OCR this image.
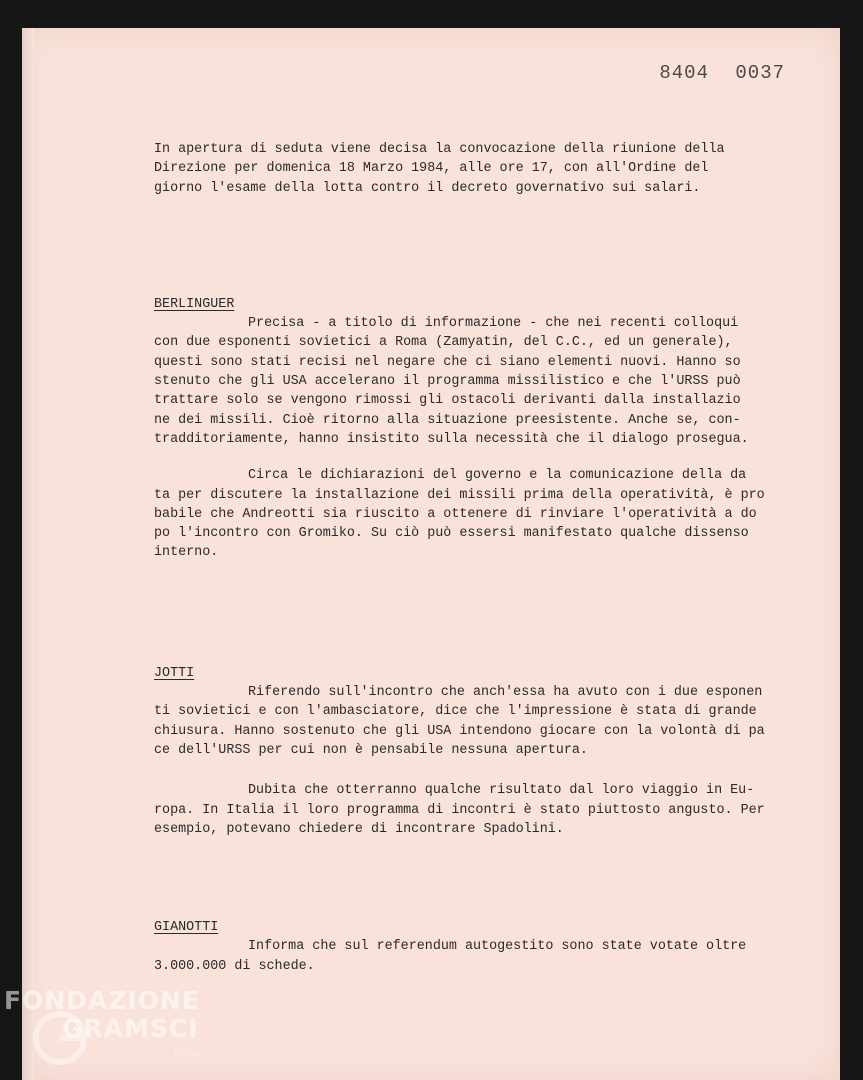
8404 0037

In apertura di seduta viene decisa la convocazione della riunione della
Direzione per domenica 18 Marzo 1984, alle ore 17, con all'Ordine del
giorno l'esame della lotta contro il decreto governativo sui salari.

BERLINGUER

Precisa - a titolo di informazione - che nei recenti colloqui
con due esponenti sovietici a Roma (Zamyatin, del C.C., ed un generale),
questi sono stati recisi nel negare che ci siano elementi nuovi. Hanno so
stenuto che gli USA accelerano il programma missilistico e che l'URSS può
trattare solo se vengono rimossi gli ostacoli derivanti dalla installazio
ne dei missili. Cioè ritorno alla situazione preesistente. Anche se, con-
tradditoriamente, hanno insistito sulla necessità che il dialogo prosegua.

Circa le dichiarazioni del governo e la comunicazione della da
ta per discutere la installazione dei missili prima della operatività, è pro
babile che Andreotti sia riuscito a ottenere di rinviare l'operatività a do
po l'incontro con Gromiko. Su ciò può essersi manifestato qualche dissenso
interno.

JOTTI

Riferendo sull'incontro che anch'essa ha avuto con i due esponen
ti sovietici e con l'ambasciatore, dice che l'impressione è stata di grande
chiusura. Hanno sostenuto che gli USA intendono giocare con la volontà di
ce dell'URSS per cui non è pensabile nessuna apertura.

Dubita che otterranno qualche risultato dal loro viaggio in Eu-
ropa. In Italia il loro programma di incontri è stato piuttosto angusto. Per
esempio, potevano chiedere di incontrare Spadolini.

GIANOTTI

Informa che sul referendum autogestito sono state votate oltre
3.000.000 di schede.

FONDAZIONE
GRAMSCI
onlus
